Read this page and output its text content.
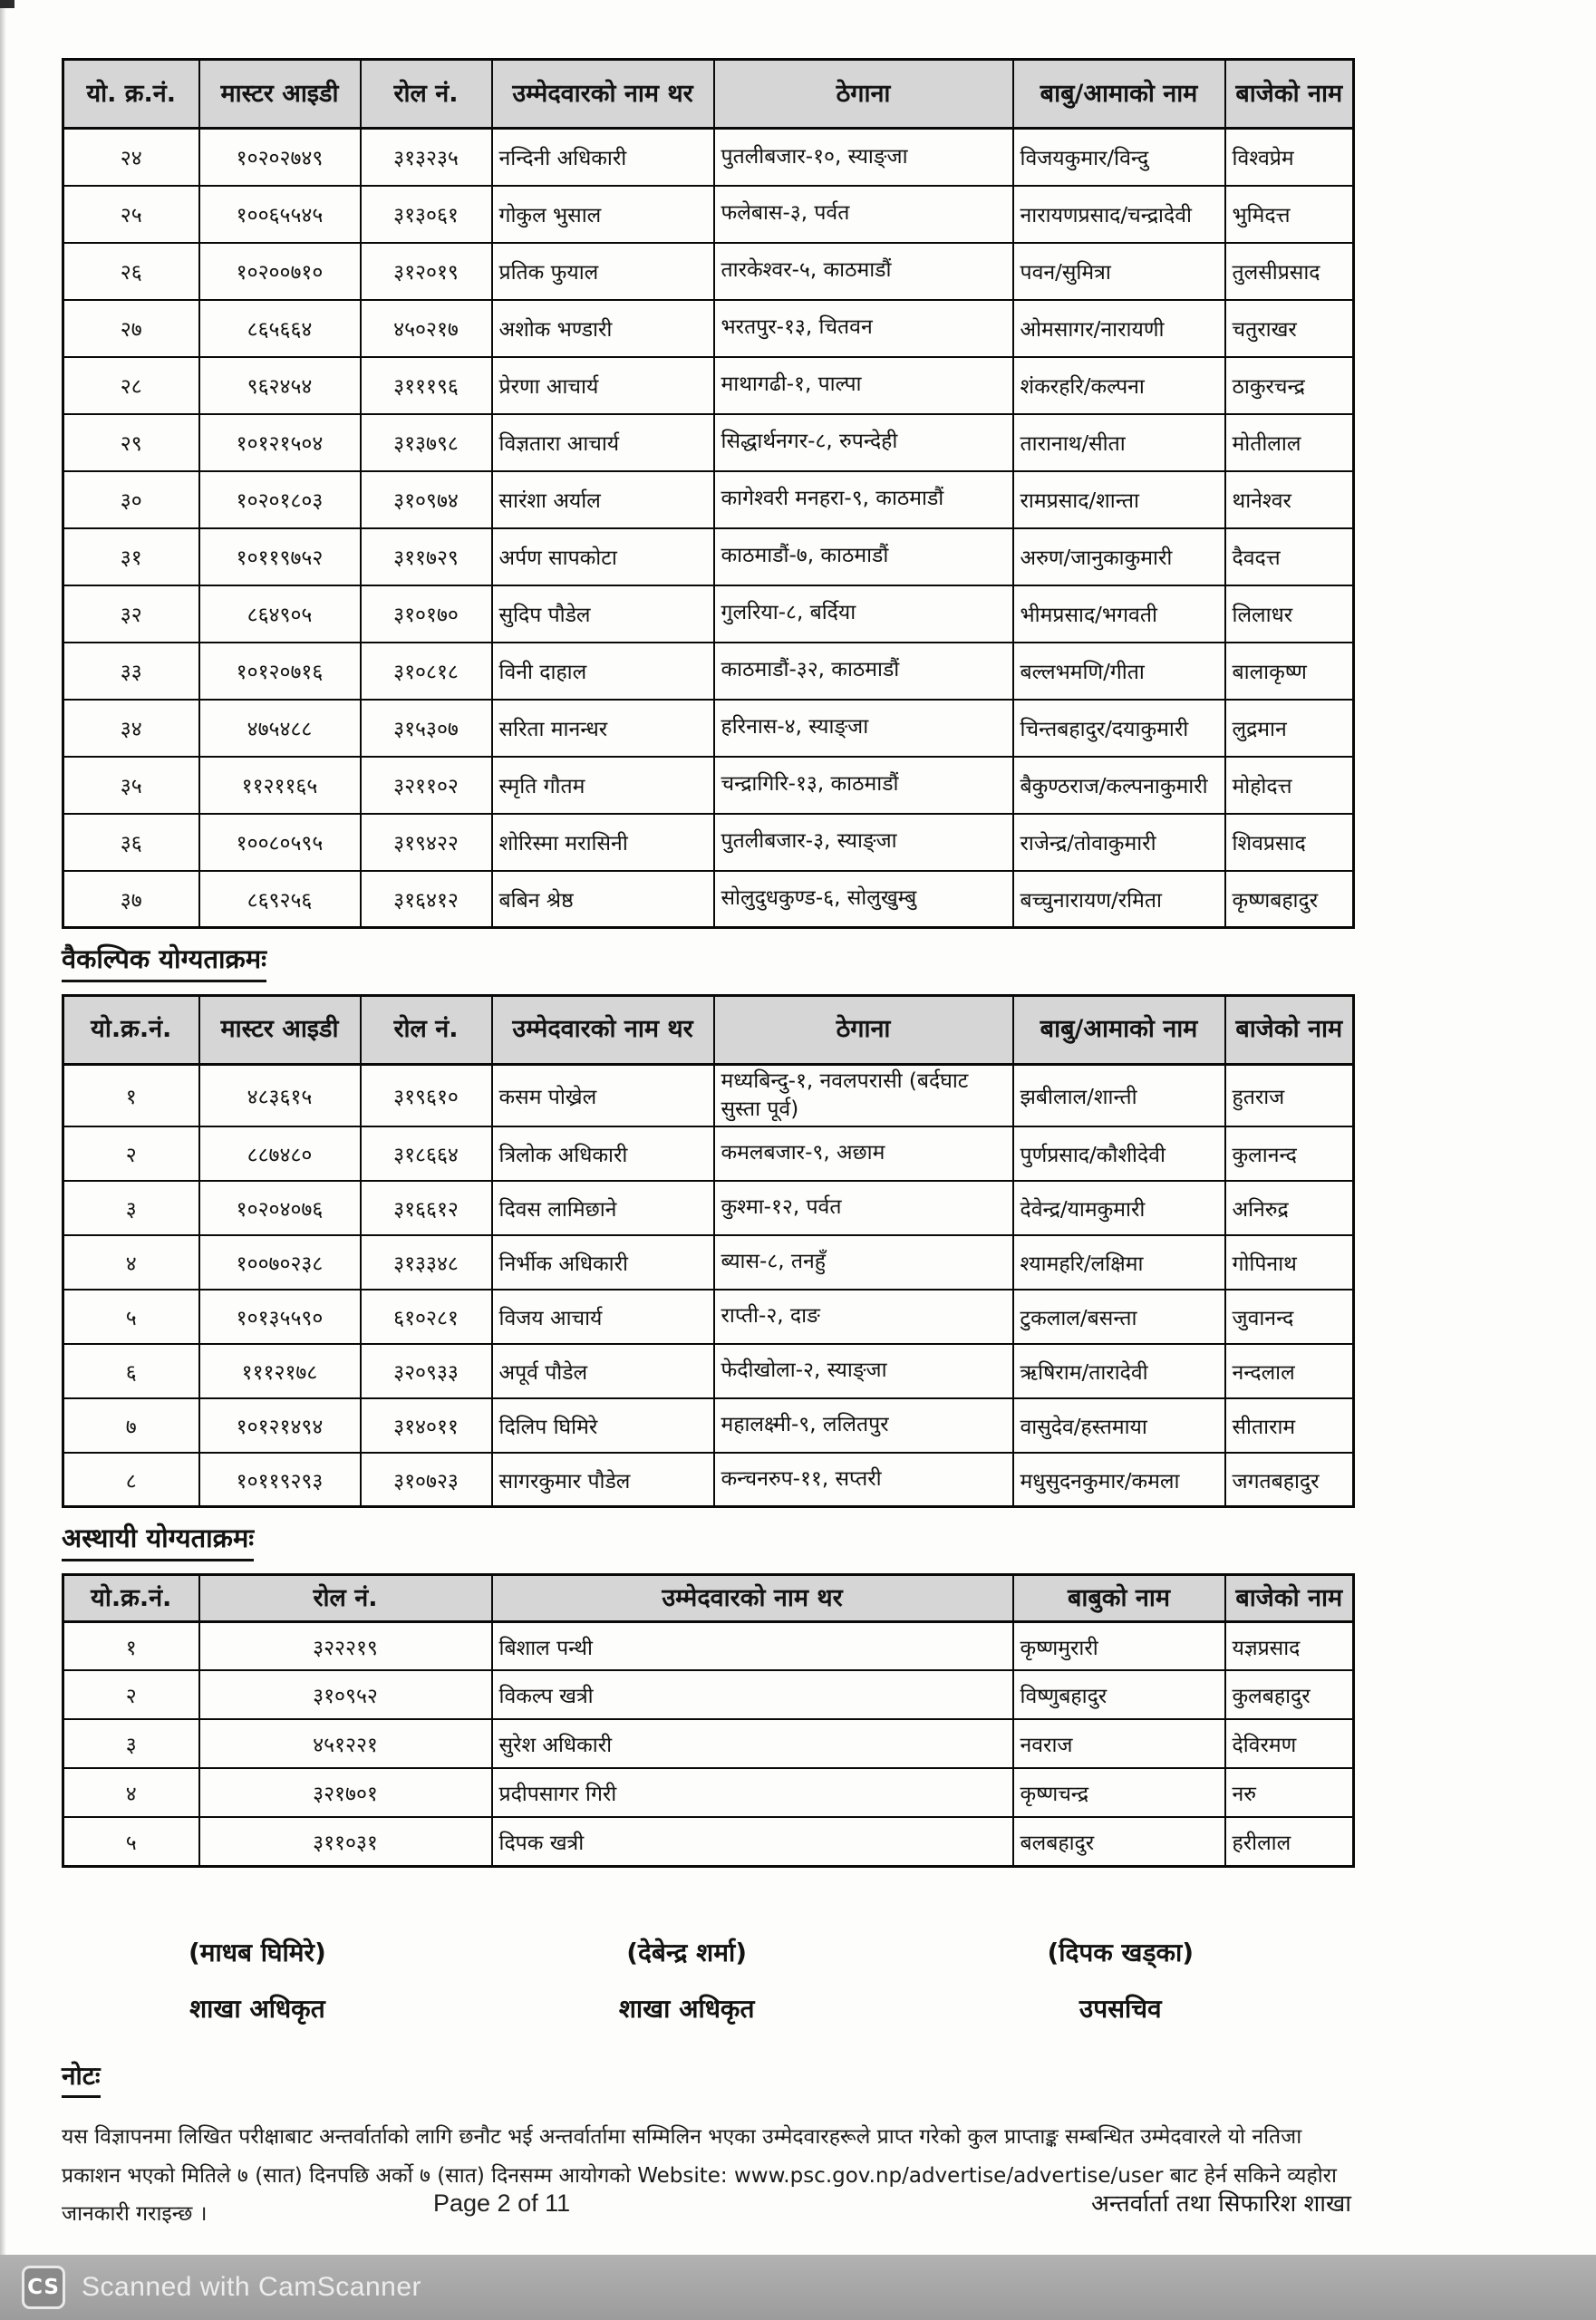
यो. क्र.नं.	मास्टर आइडी	रोल नं.	उम्मेदवारको नाम थर	ठेगाना	बाबु/आमाको नाम	बाजेको नाम
२४	१०२०२७४९	३१३२३५	नन्दिनी अधिकारी	पुतलीबजार-१०, स्याङ्जा	विजयकुमार/विन्दु	विश्वप्रेम
२५	१००६५५४५	३१३०६१	गोकुल भुसाल	फलेबास-३, पर्वत	नारायणप्रसाद/चन्द्रादेवी	भुमिदत्त
२६	१०२००७१०	३१२०१९	प्रतिक फुयाल	तारकेश्वर-५, काठमाडौं	पवन/सुमित्रा	तुलसीप्रसाद
२७	८६५६६४	४५०२१७	अशोक भण्डारी	भरतपुर-१३, चितवन	ओमसागर/नारायणी	चतुराखर
२८	९६२४५४	३१११९६	प्रेरणा आचार्य	माथागढी-१, पाल्पा	शंकरहरि/कल्पना	ठाकुरचन्द्र
२९	१०१२१५०४	३१३७९८	विज्ञतारा आचार्य	सिद्धार्थनगर-८, रुपन्देही	तारानाथ/सीता	मोतीलाल
३०	१०२०१८०३	३१०९७४	सारंशा अर्याल	कागेश्वरी मनहरा-९, काठमाडौं	रामप्रसाद/शान्ता	थानेश्वर
३१	१०११९७५२	३११७२९	अर्पण सापकोटा	काठमाडौं-७, काठमाडौं	अरुण/जानुकाकुमारी	दैवदत्त
३२	८६४९०५	३१०१७०	सुदिप पौडेल	गुलरिया-८, बर्दिया	भीमप्रसाद/भगवती	लिलाधर
३३	१०१२०७१६	३१०८१८	विनी दाहाल	काठमाडौं-३२, काठमाडौं	बल्लभमणि/गीता	बालाकृष्ण
३४	४७५४८८	३१५३०७	सरिता मानन्धर	हरिनास-४, स्याङ्जा	चिन्तबहादुर/दयाकुमारी	लुद्रमान
३५	११२११६५	३२११०२	स्मृति गौतम	चन्द्रागिरि-१३, काठमाडौं	बैकुण्ठराज/कल्पनाकुमारी	मोहोदत्त
३६	१००८०५९५	३१९४२२	शोरिस्मा मरासिनी	पुतलीबजार-३, स्याङ्जा	राजेन्द्र/तोवाकुमारी	शिवप्रसाद
३७	८६९२५६	३१६४१२	बबिन श्रेष्ठ	सोलुदुधकुण्ड-६, सोलुखुम्बु	बच्चुनारायण/रमिता	कृष्णबहादुर
वैकल्पिक योग्यताक्रमः
यो.क्र.नं.	मास्टर आइडी	रोल नं.	उम्मेदवारको नाम थर	ठेगाना	बाबु/आमाको नाम	बाजेको नाम
१	४८३६१५	३१९६१०	कसम पोख्रेल	मध्यबिन्दु-१, नवलपरासी (बर्दघाट सुस्ता पूर्व)	झबीलाल/शान्ती	हुतराज
२	८८७४८०	३१८६६४	त्रिलोक अधिकारी	कमलबजार-९, अछाम	पुर्णप्रसाद/कौशीदेवी	कुलानन्द
३	१०२०४०७६	३१६६१२	दिवस लामिछाने	कुश्मा-१२, पर्वत	देवेन्द्र/यामकुमारी	अनिरुद्र
४	१००७०२३८	३१३३४८	निर्भीक अधिकारी	ब्यास-८, तनहुँ	श्यामहरि/लक्षिमा	गोपिनाथ
५	१०१३५५९०	६१०२८१	विजय आचार्य	राप्ती-२, दाङ	टुकलाल/बसन्ता	जुवानन्द
६	१११२१७८	३२०९३३	अपूर्व पौडेल	फेदीखोला-२, स्याङ्जा	ऋषिराम/तारादेवी	नन्दलाल
७	१०१२१४९४	३१४०११	दिलिप घिमिरे	महालक्ष्मी-९, ललितपुर	वासुदेव/हस्तमाया	सीताराम
८	१०११९२९३	३१०७२३	सागरकुमार पौडेल	कन्चनरुप-११, सप्तरी	मधुसुदनकुमार/कमला	जगतबहादुर
अस्थायी योग्यताक्रमः
यो.क्र.नं.	रोल नं.	उम्मेदवारको नाम थर	बाबुको नाम	बाजेको नाम
१	३२२२१९	बिशाल पन्थी	कृष्णमुरारी	यज्ञप्रसाद
२	३१०९५२	विकल्प खत्री	विष्णुबहादुर	कुलबहादुर
३	४५१२२१	सुरेश अधिकारी	नवराज	देविरमण
४	३२१७०१	प्रदीपसागर गिरी	कृष्णचन्द्र	नरु
५	३११०३१	दिपक खत्री	बलबहादुर	हरीलाल
(माधब घिमिरे)
शाखा अधिकृत
(देबेन्द्र शर्मा)
शाखा अधिकृत
(दिपक खड्का)
उपसचिव
नोटः
यस विज्ञापनमा लिखित परीक्षाबाट अन्तर्वार्ताको लागि छनौट भई अन्तर्वार्तामा सम्मिलिन भएका उम्मेदवारहरूले प्राप्त गरेको कुल प्राप्ताङ्क सम्बन्धित उम्मेदवारले यो नतिजा प्रकाशन भएको मितिले ७ (सात) दिनपछि अर्को ७ (सात) दिनसम्म आयोगको Website: www.psc.gov.np/advertise/advertise/user बाट हेर्न सकिने व्यहोरा जानकारी गराइन्छ ।	Page 2 of 11	अन्तर्वार्ता तथा सिफारिश शाखा
CS Scanned with CamScanner
